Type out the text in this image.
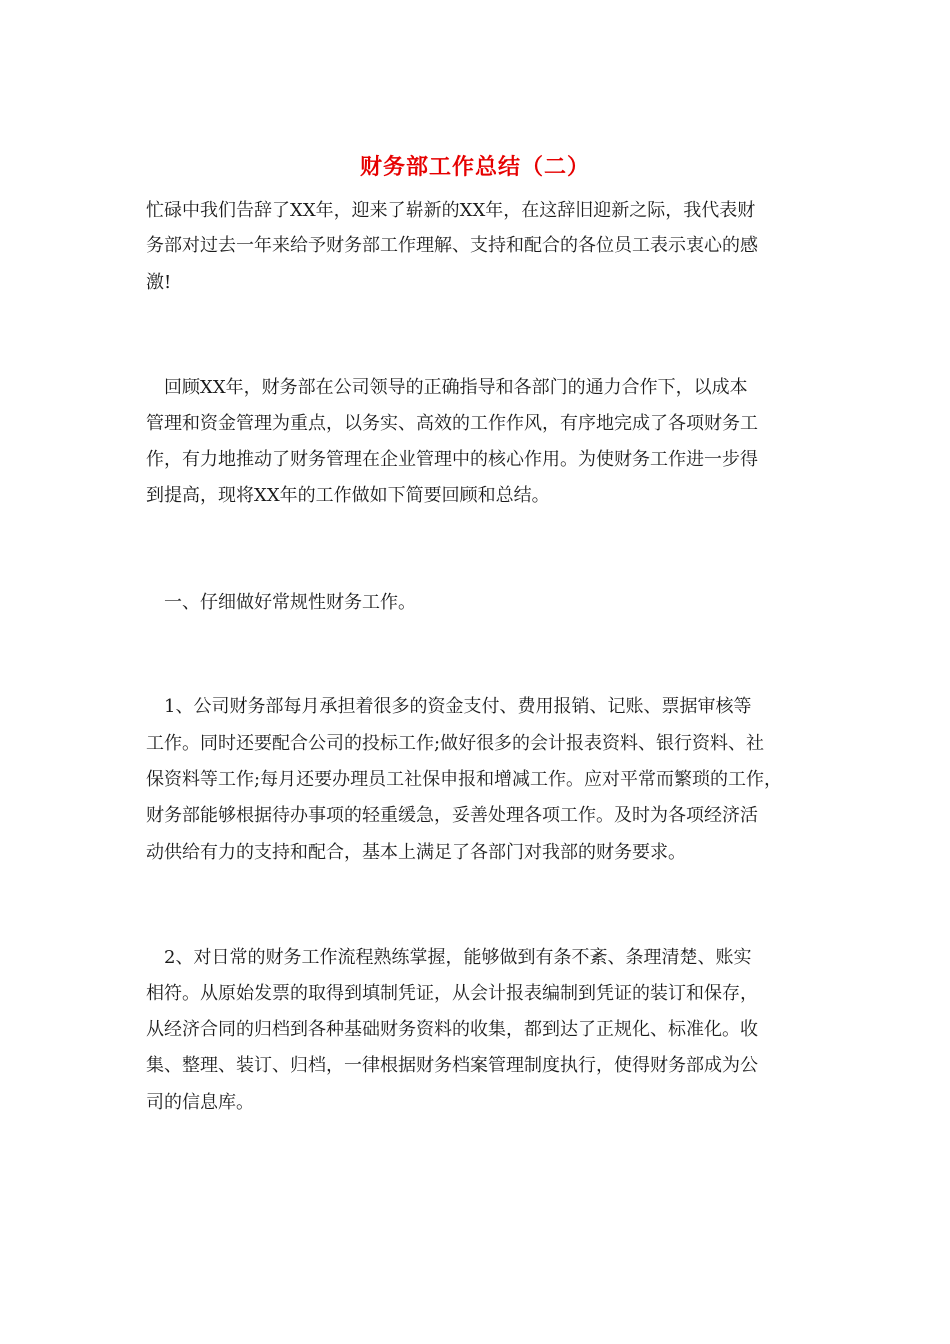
财务部工作总结（二）
忙碌中我们告辞了XX年，迎来了崭新的XX年，在这辞旧迎新之际，我代表财
务部对过去一年来给予财务部工作理解、支持和配合的各位员工表示衷心的感
激!
　回顾XX年，财务部在公司领导的正确指导和各部门的通力合作下，以成本
管理和资金管理为重点，以务实、高效的工作作风，有序地完成了各项财务工
作，有力地推动了财务管理在企业管理中的核心作用。为使财务工作进一步得
到提高，现将XX年的工作做如下简要回顾和总结。
　一、仔细做好常规性财务工作。
　1、公司财务部每月承担着很多的资金支付、费用报销、记账、票据审核等
工作。同时还要配合公司的投标工作;做好很多的会计报表资料、银行资料、社
保资料等工作;每月还要办理员工社保申报和增减工作。应对平常而繁琐的工作，
财务部能够根据待办事项的轻重缓急，妥善处理各项工作。及时为各项经济活
动供给有力的支持和配合，基本上满足了各部门对我部的财务要求。
　2、对日常的财务工作流程熟练掌握，能够做到有条不紊、条理清楚、账实
相符。从原始发票的取得到填制凭证，从会计报表编制到凭证的装订和保存，
从经济合同的归档到各种基础财务资料的收集，都到达了正规化、标准化。收
集、整理、装订、归档，一律根据财务档案管理制度执行，使得财务部成为公
司的信息库。
